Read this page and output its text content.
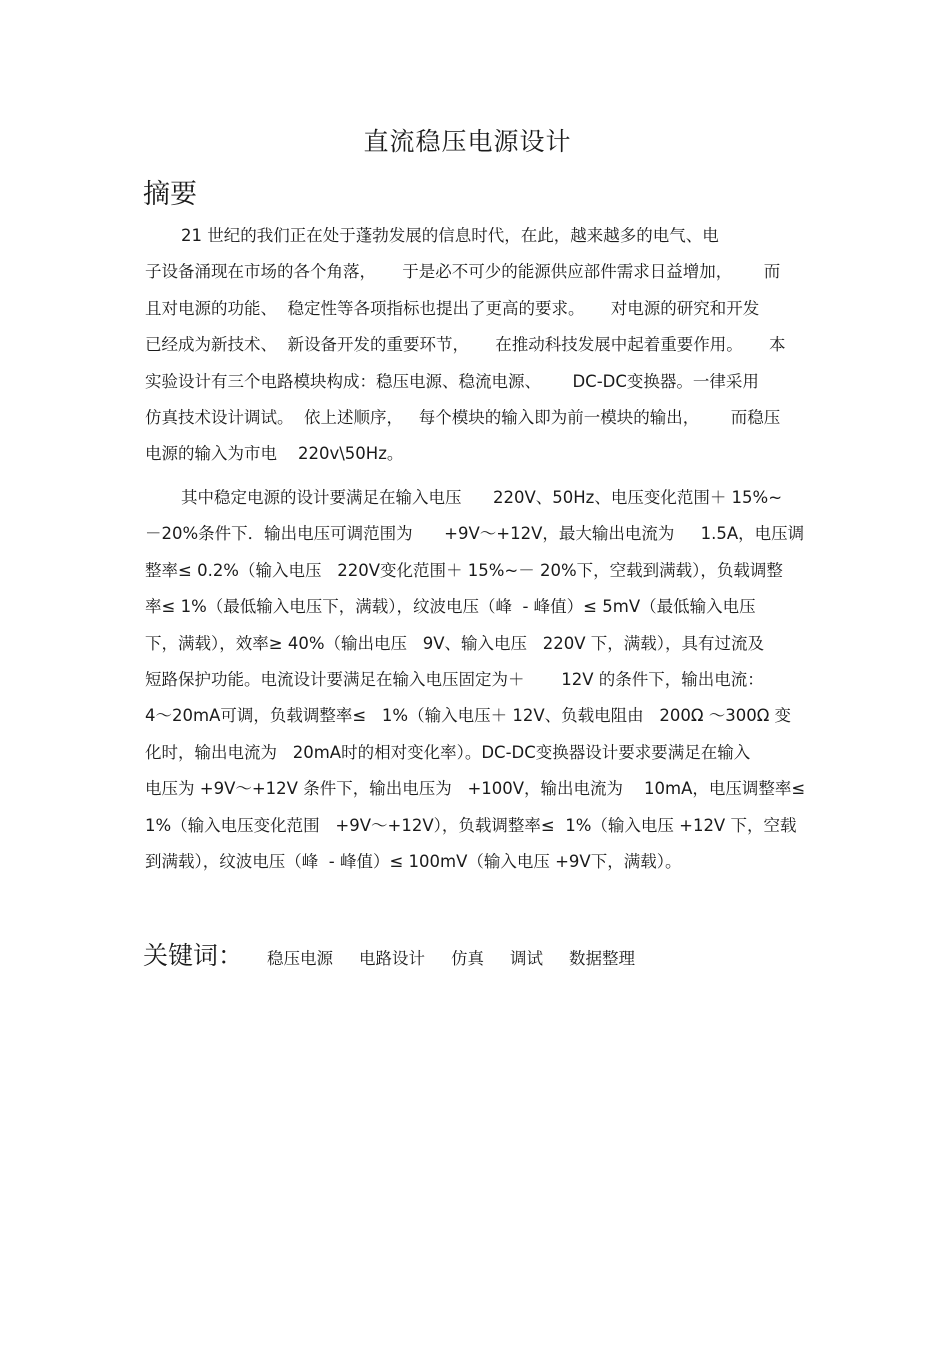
直流稳压电源设计
摘要
21 世纪的我们正在处于蓬勃发展的信息时代，在此，越来越多的电气、电
子设备涌现在市场的各个角落，     于是必不可少的能源供应部件需求日益增加，      而
且对电源的功能、  稳定性等各项指标也提出了更高的要求。     对电源的研究和开发
已经成为新技术、  新设备开发的重要环节，     在推动科技发展中起着重要作用。     本
实验设计有三个电路模块构成：稳压电源、稳流电源、      DC-DC变换器。一律采用
仿真技术设计调试。  依上述顺序，   每个模块的输入即为前一模块的输出，      而稳压
电源的输入为市电    220v\50Hz。
其中稳定电源的设计要满足在输入电压      220V、50Hz、电压变化范围＋ 15%~
－20%条件下．输出电压可调范围为      +9V～+12V，最大输出电流为     1.5A，电压调
整率≤ 0.2%（输入电压   220V变化范围＋ 15%~－ 20%下，空载到满载），负载调整
率≤ 1%（最低输入电压下，满载），纹波电压（峰  - 峰值）≤ 5mV（最低输入电压
下，满载），效率≥ 40%（输出电压   9V、输入电压   220V 下，满载），具有过流及
短路保护功能。电流设计要满足在输入电压固定为＋       12V 的条件下，输出电流：
4～20mA可调，负载调整率≤   1%（输入电压＋ 12V、负载电阻由   200Ω ～300Ω 变
化时，输出电流为   20mA时的相对变化率）。DC-DC变换器设计要求要满足在输入
电压为 +9V～+12V 条件下，输出电压为   +100V，输出电流为    10mA，电压调整率≤
1%（输入电压变化范围   +9V～+12V），负载调整率≤  1%（输入电压 +12V 下，空载
到满载），纹波电压（峰  - 峰值）≤ 100mV（输入电压 +9V下，满载）。
关键词： 稳压电源 电路设计 仿真 调试 数据整理
